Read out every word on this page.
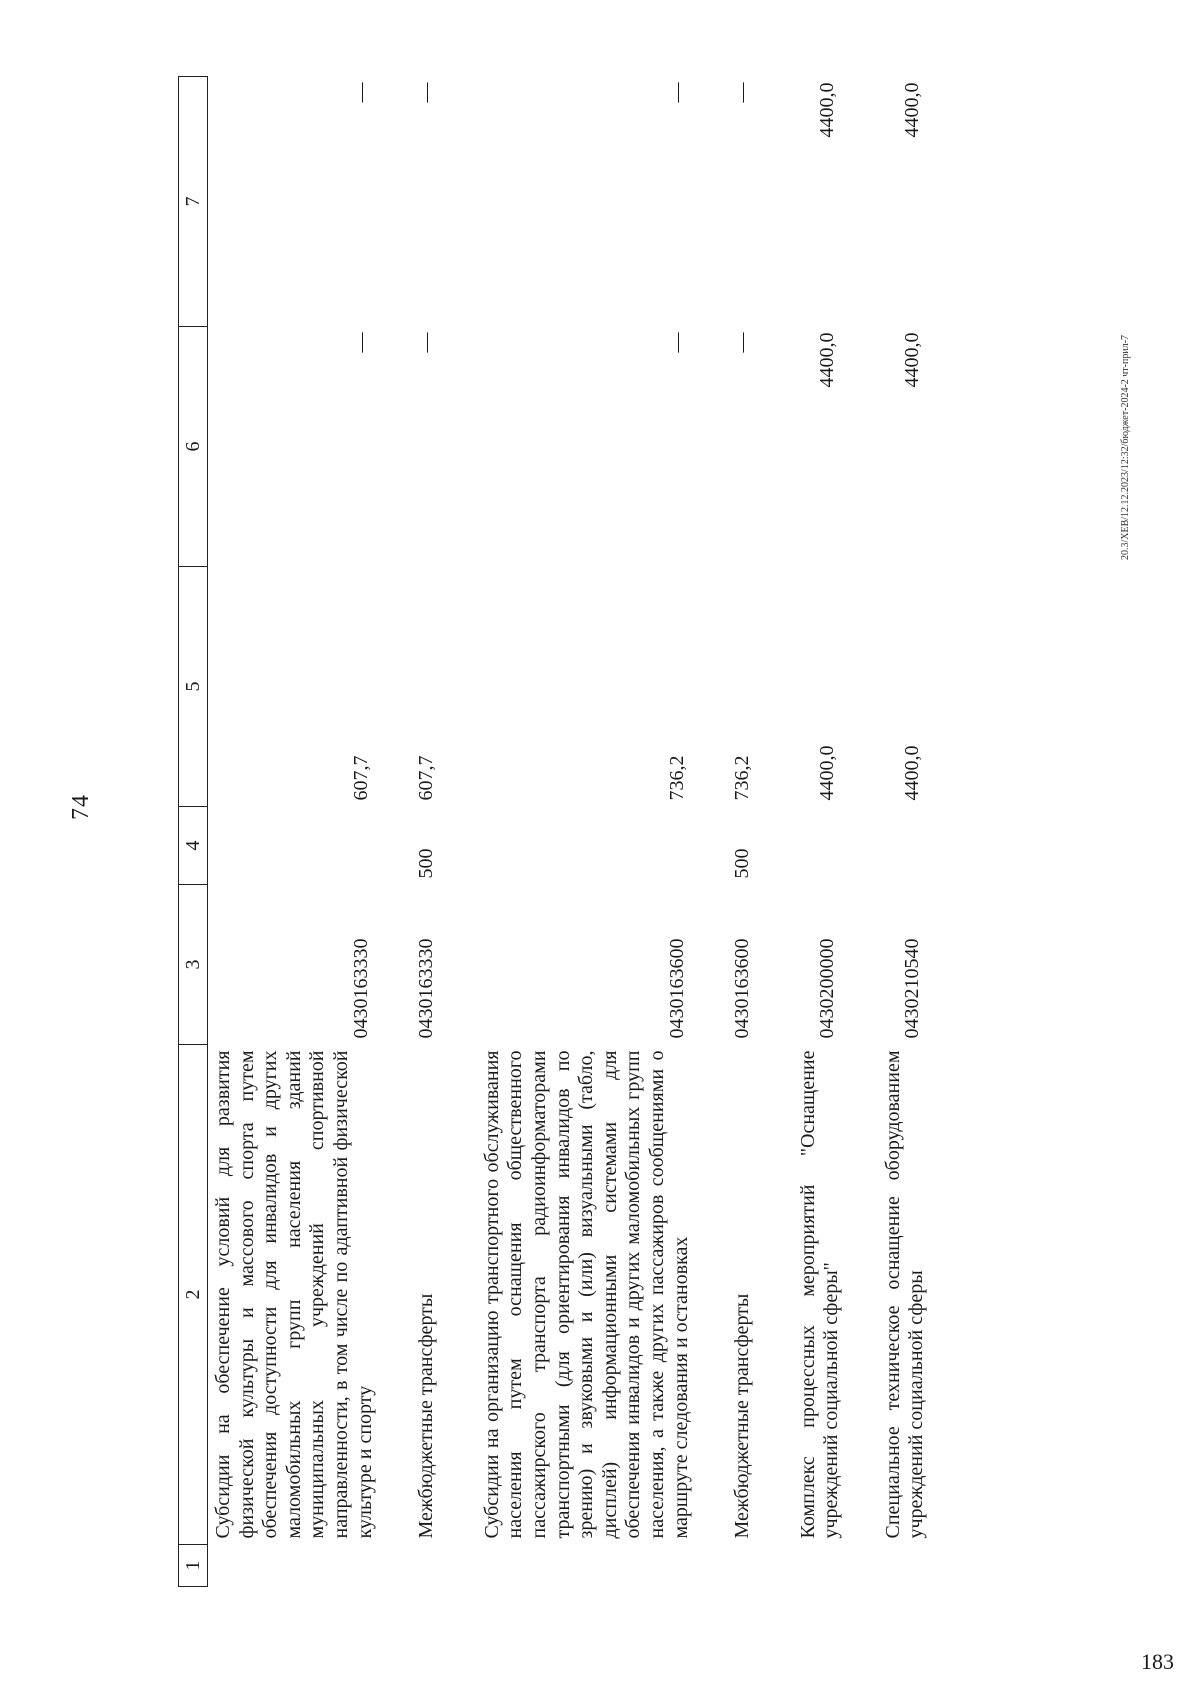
74
20.3/ХЕВ/12.12.2023/12:32/бюджет-2024-2 чт-прил-7
183
1	2	3	4	5	6	7
	Субсидии на обеспечение условий для развития физической культуры и массового спорта путем обеспечения доступности для инвалидов и других маломобильных групп населения зданий муниципальных учреждений спортивной направленности, в том числе по адаптивной физической культуре и спорту	0430163330		607,7	—	—

	Межбюджетные трансферты	0430163330	500	607,7	—	—

	Субсидии на организацию транспортного обслуживания населения путем оснащения общественного пассажирского транспорта радиоинформаторами транспортными (для ориентирования инвалидов по зрению) и звуковыми и (или) визуальными (табло, дисплей) информационными системами для обеспечения инвалидов и других маломобильных групп населения, а также других пассажиров сообщениями о маршруте следования и остановках	0430163600		736,2	—	—

	Межбюджетные трансферты	0430163600	500	736,2	—	—

	Комплекс процессных мероприятий "Оснащение учреждений социальной сферы"	0430200000		4400,0	4400,0	4400,0

	Специальное техническое оснащение оборудованием учреждений социальной сферы	0430210540		4400,0	4400,0	4400,0
